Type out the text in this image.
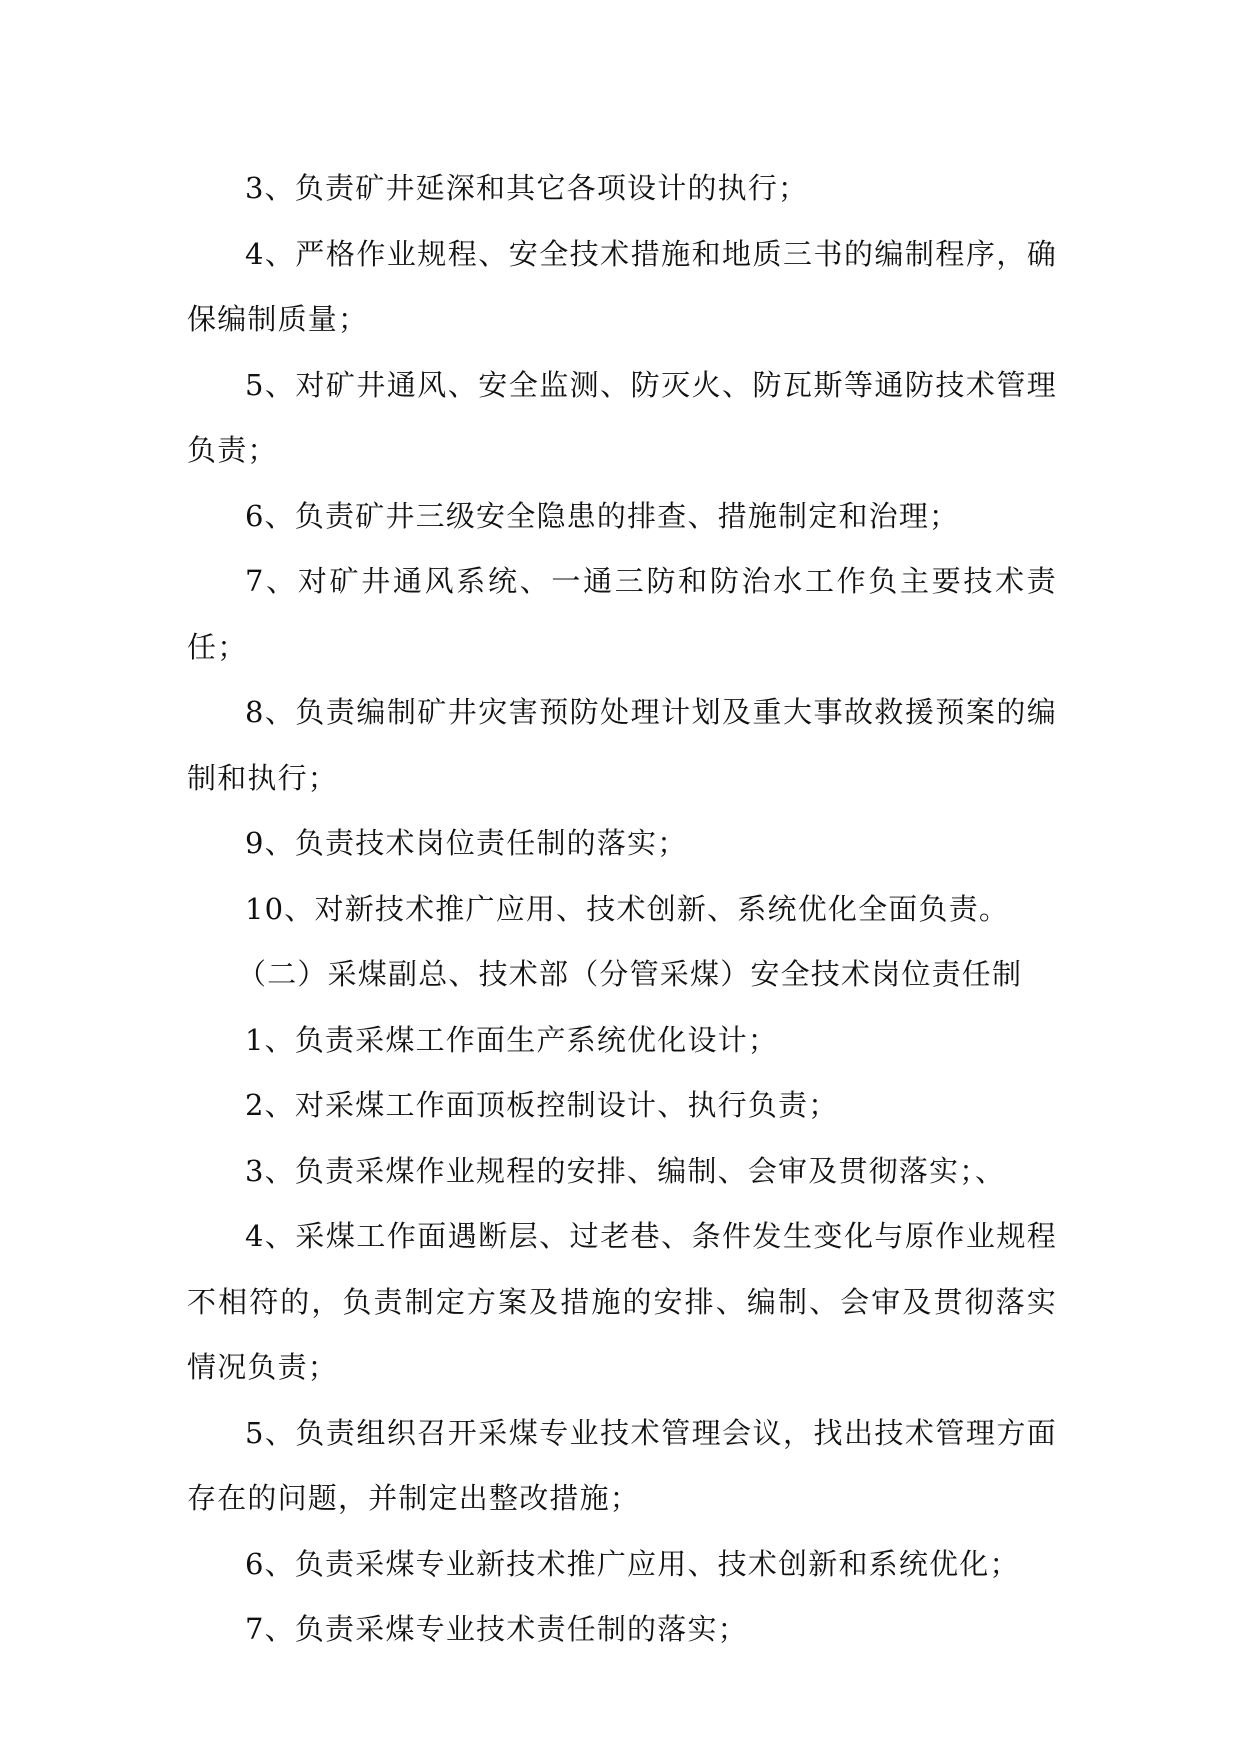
3、负责矿井延深和其它各项设计的执行；

4、严格作业规程、安全技术措施和地质三书的编制程序，确保编制质量；

5、对矿井通风、安全监测、防灭火、防瓦斯等通防技术管理负责；

6、负责矿井三级安全隐患的排查、措施制定和治理；

7、对矿井通风系统、一通三防和防治水工作负主要技术责任；

8、负责编制矿井灾害预防处理计划及重大事故救援预案的编制和执行；

9、负责技术岗位责任制的落实；

10、对新技术推广应用、技术创新、系统优化全面负责。

（二）采煤副总、技术部（分管采煤）安全技术岗位责任制

1、负责采煤工作面生产系统优化设计；

2、对采煤工作面顶板控制设计、执行负责；

3、负责采煤作业规程的安排、编制、会审及贯彻落实；、

4、采煤工作面遇断层、过老巷、条件发生变化与原作业规程不相符的，负责制定方案及措施的安排、编制、会审及贯彻落实情况负责；

5、负责组织召开采煤专业技术管理会议，找出技术管理方面存在的问题，并制定出整改措施；

6、负责采煤专业新技术推广应用、技术创新和系统优化；

7、负责采煤专业技术责任制的落实；
